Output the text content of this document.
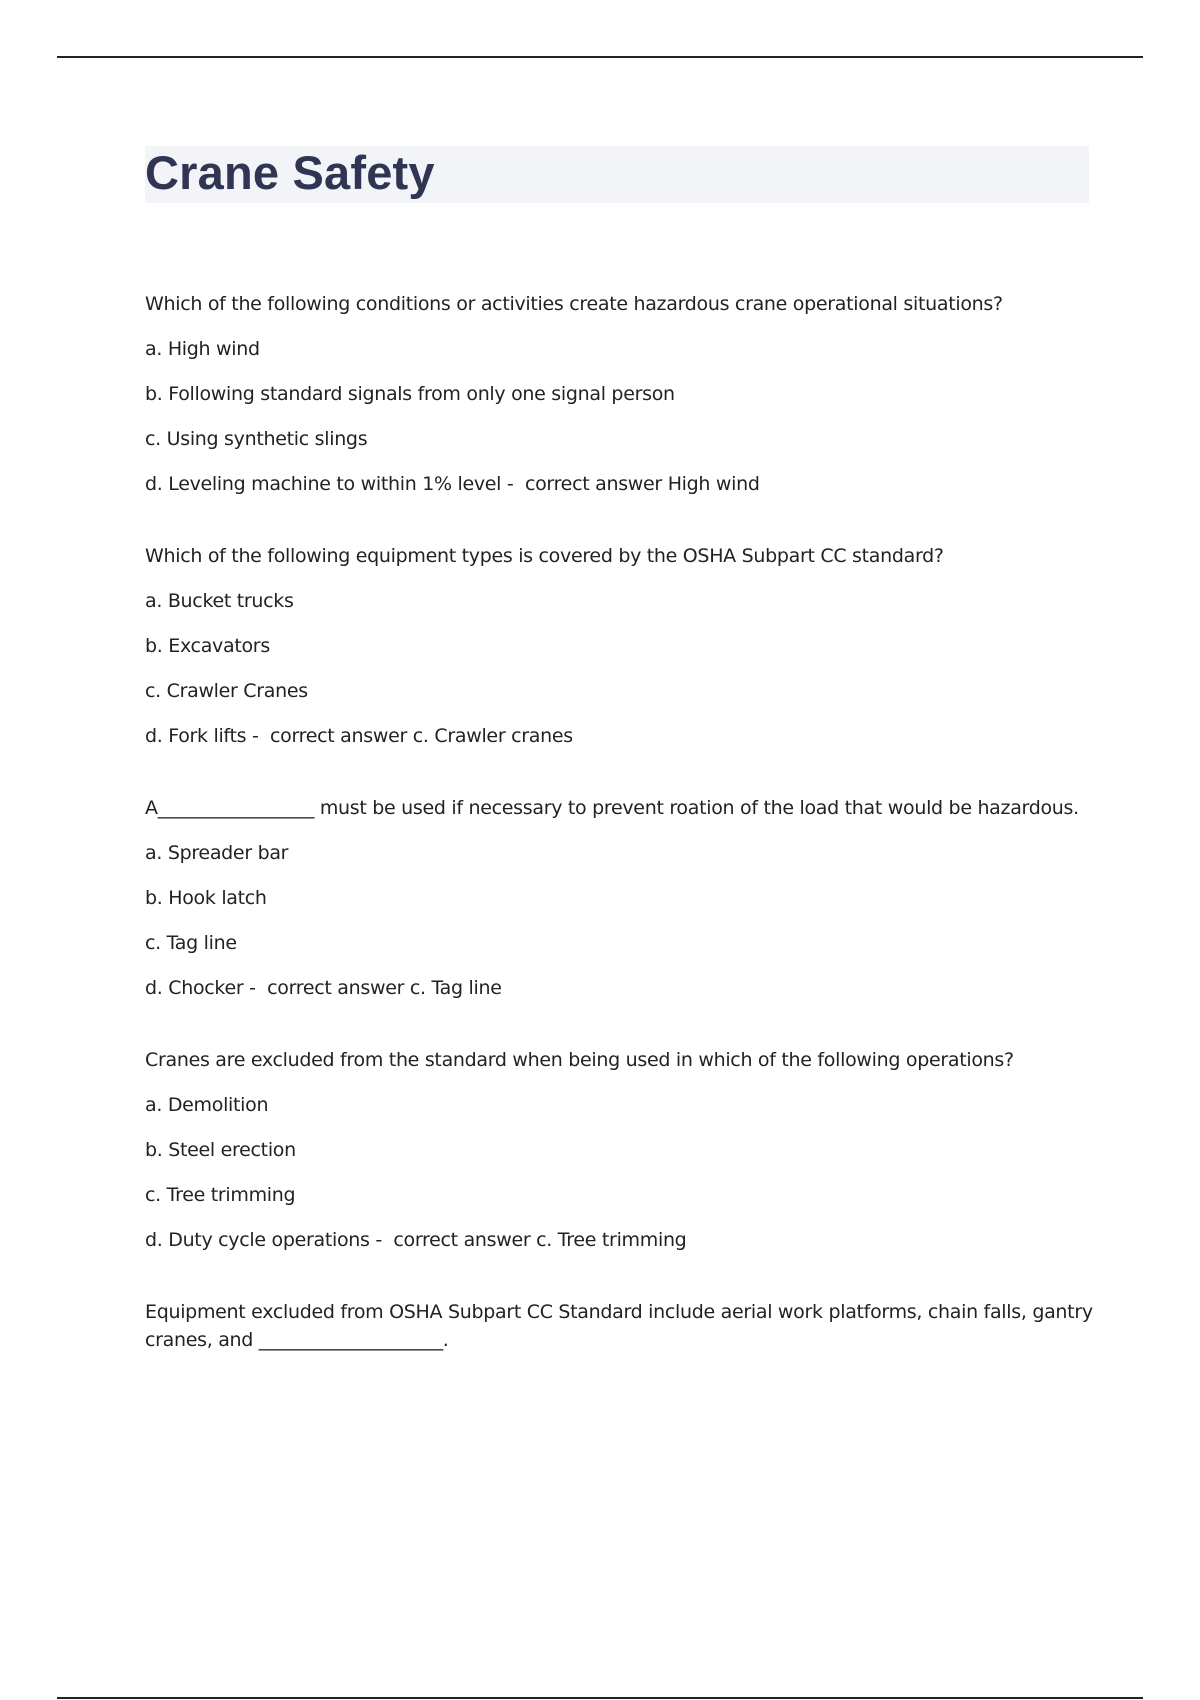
Crane Safety

Which of the following conditions or activities create hazardous crane operational situations?

a. High wind

b. Following standard signals from only one signal person

c. Using synthetic slings

d. Leveling machine to within 1% level -  correct answer High wind

Which of the following equipment types is covered by the OSHA Subpart CC standard?

a. Bucket trucks

b. Excavators

c. Crawler Cranes

d. Fork lifts -  correct answer c. Crawler cranes

A_________________ must be used if necessary to prevent roation of the load that would be hazardous.

a. Spreader bar

b. Hook latch

c. Tag line

d. Chocker -  correct answer c. Tag line

Cranes are excluded from the standard when being used in which of the following operations?

a. Demolition

b. Steel erection

c. Tree trimming

d. Duty cycle operations -  correct answer c. Tree trimming

Equipment excluded from OSHA Subpart CC Standard include aerial work platforms, chain falls, gantry cranes, and ____________________.
